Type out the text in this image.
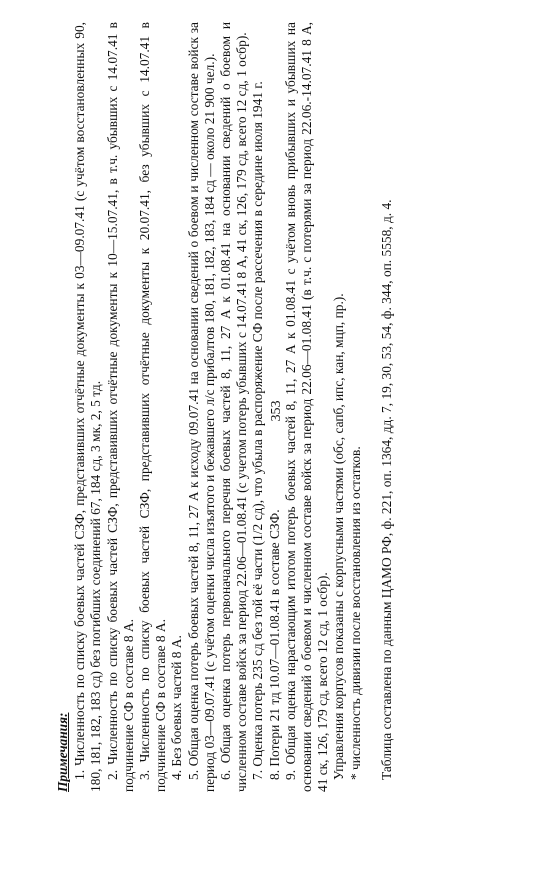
Примечания: 1. Численность по списку боевых частей СЗФ, представивших отчётные документы к 03—09.07.41 (с учётом восстановленных 90, 180, 181, 182, 183 сд) без погибших соединений 67, 184 сд, 3 мк, 2, 5 тд. 2. Численность по списку боевых частей СЗФ, представивших отчётные документы к 10—15.07.41, в т.ч. убывших с 14.07.41 в подчинение СФ в составе 8 А. 3. Численность по списку боевых частей СЗФ, представивших отчётные документы к 20.07.41, без убывших с 14.07.41 в подчинение СФ в составе 8 А. 4. Без боевых частей 8 А. 5. Общая оценка потерь боевых частей 8, 11, 27 А к исходу 09.07.41 на основании сведений о боевом и численном составе войск за период 03—09.07.41 (с учётом оценки числа изъятого и бежавшего л/с прибалтов 180, 181, 182, 183, 184 сд — около 21 900 чел.). 6. Общая оценка потерь первоначального перечня боевых частей 8, 11, 27 А к 01.08.41 на основании сведений о боевом и численном составе войск за период 22.06—01.08.41 (с учетом потерь убывших с 14.07.41 8 А, 41 ск, 126, 179 сд, всего 12 сд, 1 осбр). 7. Оценка потерь 235 сд без той её части (1/2 сд), что убыла в распоряжение СФ после рассечения в середине июля 1941 г. 8. Потери 21 тд 10.07—01.08.41 в составе СЗФ. 9. Общая оценка нарастающим итогом потерь боевых частей 8, 11, 27 А к 01.08.41 с учётом вновь прибывших и убывших на основании сведений о боевом и численном составе войск за период 22.06—01.08.41 (в т.ч. с потерями за период 22.06.-14.07.41 8 А, 41 ск, 126, 179 сд, всего 12 сд, 1 осбр). Управления корпусов показаны с корпусными частями (обс, сапб, ипс, кан, мцп, пр.). * численность дивизии после восстановления из остатков. Таблица составлена по данным ЦАМО РФ, ф. 221, оп. 1364, дд. 7, 19, 30, 53, 54, ф. 344, оп. 5558, д. 4.

353
